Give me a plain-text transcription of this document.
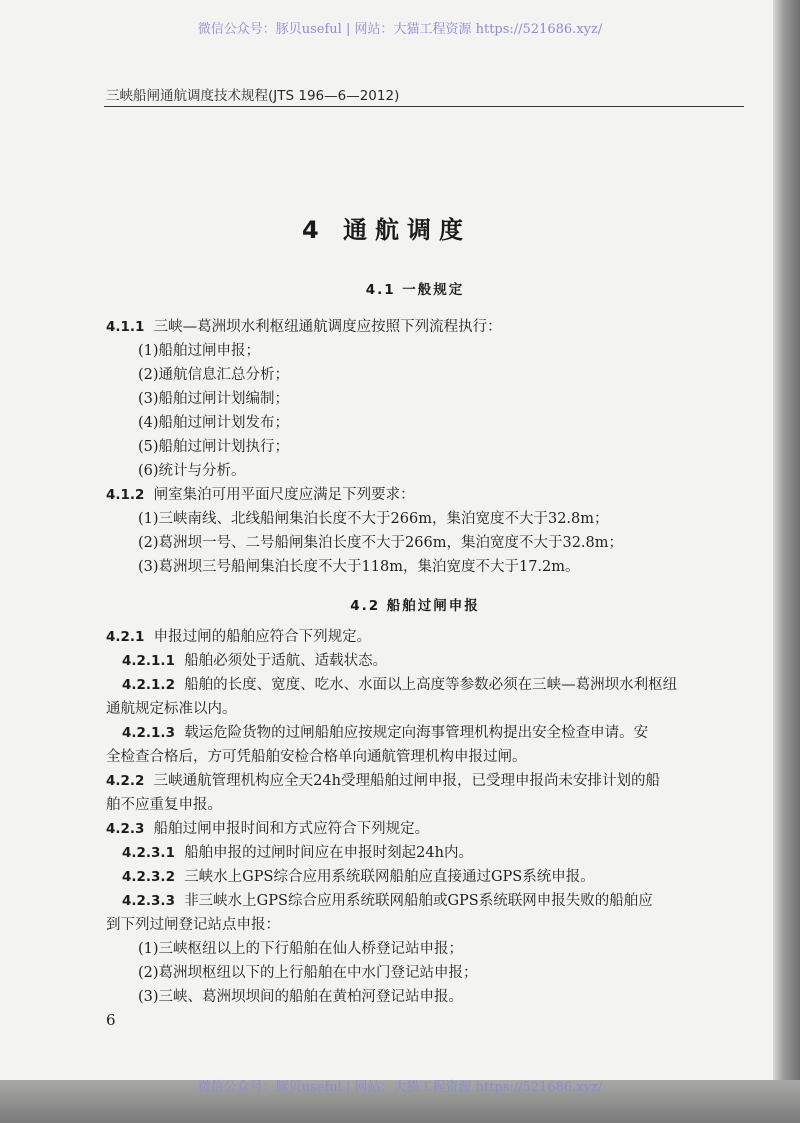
微信公众号：豚贝useful | 网站：大猫工程资源 https://521686.xyz/
三峡船闸通航调度技术规程(JTS 196—6—2012)
4 通航调度
4.1 一般规定
4.1.1 三峡—葛洲坝水利枢纽通航调度应按照下列流程执行：
(1)船舶过闸申报；
(2)通航信息汇总分析；
(3)船舶过闸计划编制；
(4)船舶过闸计划发布；
(5)船舶过闸计划执行；
(6)统计与分析。
4.1.2 闸室集泊可用平面尺度应满足下列要求：
(1)三峡南线、北线船闸集泊长度不大于266m，集泊宽度不大于32.8m；
(2)葛洲坝一号、二号船闸集泊长度不大于266m，集泊宽度不大于32.8m；
(3)葛洲坝三号船闸集泊长度不大于118m，集泊宽度不大于17.2m。
4.2 船舶过闸申报
4.2.1 申报过闸的船舶应符合下列规定。
4.2.1.1 船舶必须处于适航、适载状态。
4.2.1.2 船舶的长度、宽度、吃水、水面以上高度等参数必须在三峡—葛洲坝水利枢纽
通航规定标准以内。
4.2.1.3 载运危险货物的过闸船舶应按规定向海事管理机构提出安全检查申请。安
全检查合格后，方可凭船舶安检合格单向通航管理机构申报过闸。
4.2.2 三峡通航管理机构应全天24h受理船舶过闸申报，已受理申报尚未安排计划的船
舶不应重复申报。
4.2.3 船舶过闸申报时间和方式应符合下列规定。
4.2.3.1 船舶申报的过闸时间应在申报时刻起24h内。
4.2.3.2 三峡水上GPS综合应用系统联网船舶应直接通过GPS系统申报。
4.2.3.3 非三峡水上GPS综合应用系统联网船舶或GPS系统联网申报失败的船舶应
到下列过闸登记站点申报：
(1)三峡枢纽以上的下行船舶在仙人桥登记站申报；
(2)葛洲坝枢纽以下的上行船舶在中水门登记站申报；
(3)三峡、葛洲坝坝间的船舶在黄柏河登记站申报。
6
微信公众号：豚贝useful | 网站：大猫工程资源 https://521686.xyz/
